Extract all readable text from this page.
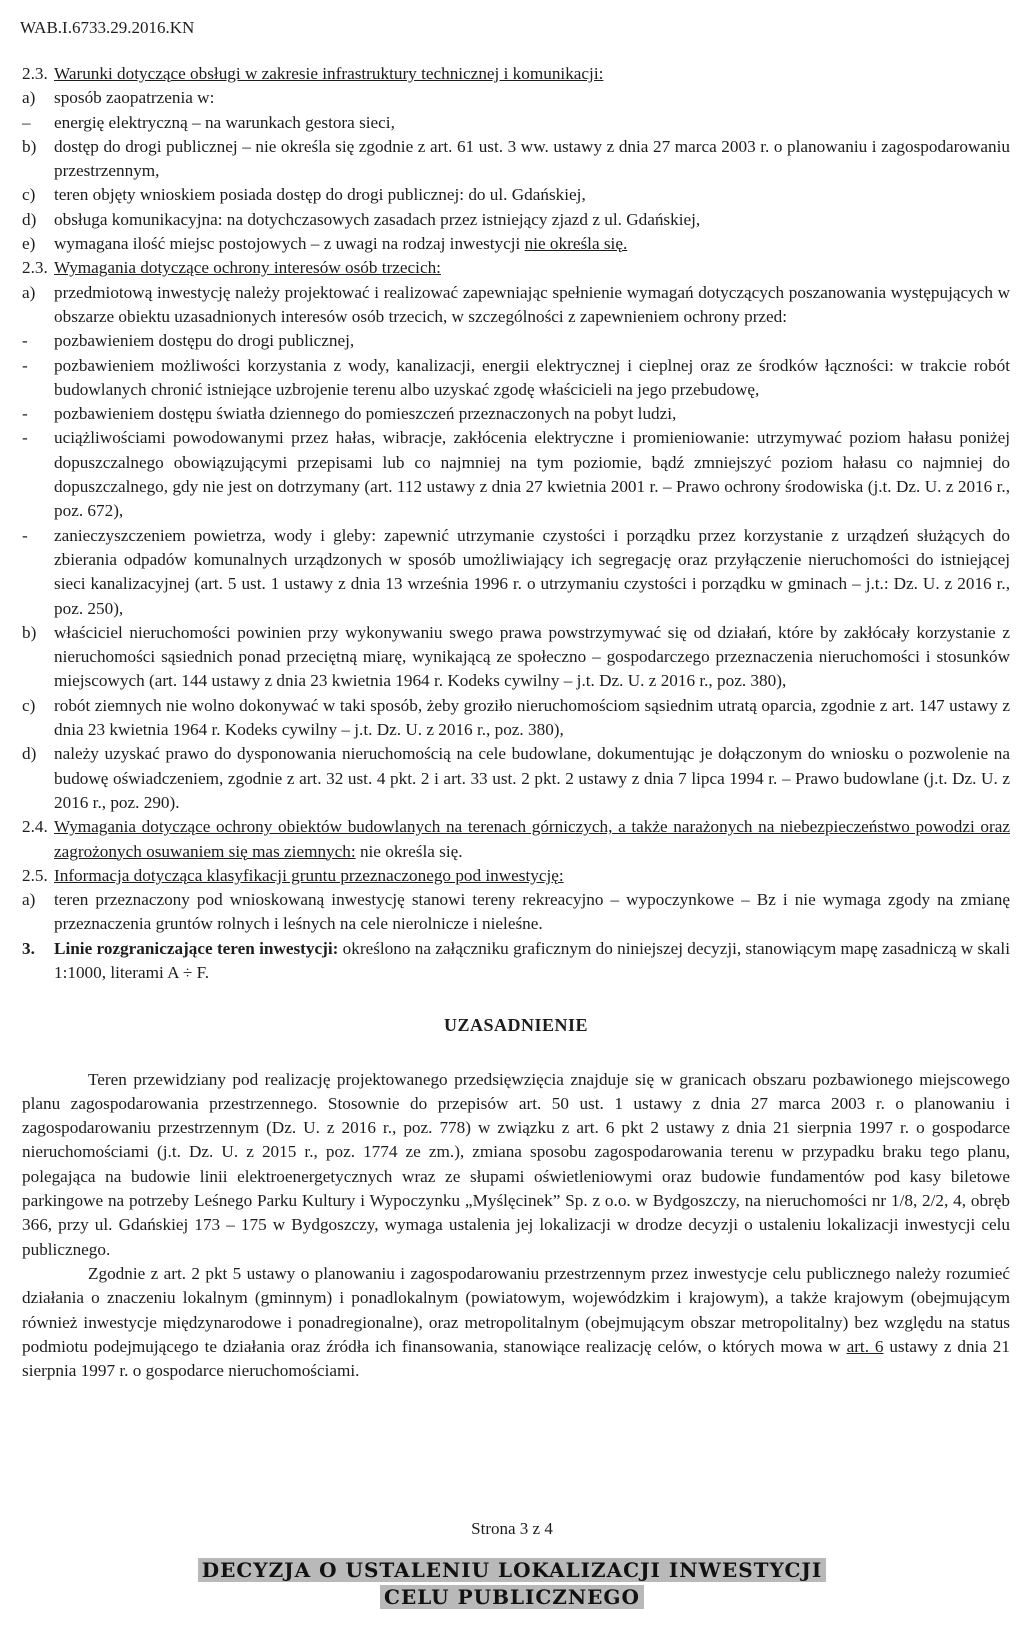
WAB.I.6733.29.2016.KN
2.3. Warunki dotyczące obsługi w zakresie infrastruktury technicznej i komunikacji:
a)	sposób zaopatrzenia w:
–	energię elektryczną – na warunkach gestora sieci,
b)	dostęp do drogi publicznej – nie określa się zgodnie z art. 61 ust. 3 ww. ustawy z dnia 27 marca 2003 r. o planowaniu i zagospodarowaniu przestrzennym,
c)	teren objęty wnioskiem posiada dostęp do drogi publicznej: do ul. Gdańskiej,
d)	obsługa komunikacyjna: na dotychczasowych zasadach przez istniejący zjazd z ul. Gdańskiej,
e)	wymagana ilość miejsc postojowych – z uwagi na rodzaj inwestycji nie określa się.
2.3. Wymagania dotyczące ochrony interesów osób trzecich:
a)	przedmiotową inwestycję należy projektować i realizować zapewniając spełnienie wymagań dotyczących poszanowania występujących w obszarze obiektu uzasadnionych interesów osób trzecich, w szczególności z zapewnieniem ochrony przed:
-	pozbawieniem dostępu do drogi publicznej,
-	pozbawieniem możliwości korzystania z wody, kanalizacji, energii elektrycznej i cieplnej oraz ze środków łączności: w trakcie robót budowlanych chronić istniejące uzbrojenie terenu albo uzyskać zgodę właścicieli na jego przebudowę,
-	pozbawieniem dostępu światła dziennego do pomieszczeń przeznaczonych na pobyt ludzi,
-	uciążliwościami powodowanymi przez hałas, wibracje, zakłócenia elektryczne i promieniowanie: utrzymywać poziom hałasu poniżej dopuszczalnego obowiązującymi przepisami lub co najmniej na tym poziomie, bądź zmniejszyć poziom hałasu co najmniej do dopuszczalnego, gdy nie jest on dotrzymany (art. 112 ustawy z dnia 27 kwietnia 2001 r. – Prawo ochrony środowiska (j.t. Dz. U. z 2016 r., poz. 672),
-	zanieczyszczeniem powietrza, wody i gleby: zapewnić utrzymanie czystości i porządku przez korzystanie z urządzeń służących do zbierania odpadów komunalnych urządzonych w sposób umożliwiający ich segregację oraz przyłączenie nieruchomości do istniejącej sieci kanalizacyjnej (art. 5 ust. 1 ustawy z dnia 13 września 1996 r. o utrzymaniu czystości i porządku w gminach – j.t.: Dz. U. z 2016 r., poz. 250),
b)	właściciel nieruchomości powinien przy wykonywaniu swego prawa powstrzymywać się od działań, które by zakłócały korzystanie z nieruchomości sąsiednich ponad przeciętną miarę, wynikającą ze społeczno – gospodarczego przeznaczenia nieruchomości i stosunków miejscowych (art. 144 ustawy z dnia 23 kwietnia 1964 r. Kodeks cywilny – j.t. Dz. U. z 2016 r., poz. 380),
c)	robót ziemnych nie wolno dokonywać w taki sposób, żeby groziło nieruchomościom sąsiednim utratą oparcia, zgodnie z art. 147 ustawy z dnia 23 kwietnia 1964 r. Kodeks cywilny – j.t. Dz. U. z 2016 r., poz. 380),
d)	należy uzyskać prawo do dysponowania nieruchomością na cele budowlane, dokumentując je dołączonym do wniosku o pozwolenie na budowę oświadczeniem, zgodnie z art. 32 ust. 4 pkt. 2 i art. 33 ust. 2 pkt. 2 ustawy z dnia 7 lipca 1994 r. – Prawo budowlane (j.t. Dz. U. z 2016 r., poz. 290).
2.4. Wymagania dotyczące ochrony obiektów budowlanych na terenach górniczych, a także narażonych na niebezpieczeństwo powodzi oraz zagrożonych osuwaniem się mas ziemnych: nie określa się.
2.5. Informacja dotycząca klasyfikacji gruntu przeznaczonego pod inwestycję:
a)	teren przeznaczony pod wnioskowaną inwestycję stanowi tereny rekreacyjno – wypoczynkowe – Bz i nie wymaga zgody na zmianę przeznaczenia gruntów rolnych i leśnych na cele nierolnicze i nieleśne.
3.	Linie rozgraniczające teren inwestycji: określono na załączniku graficznym do niniejszej decyzji, stanowiącym mapę zasadniczą w skali 1:1000, literami A ÷ F.
UZASADNIENIE

Teren przewidziany pod realizację projektowanego przedsięwzięcia znajduje się w granicach obszaru pozbawionego miejscowego planu zagospodarowania przestrzennego. Stosownie do przepisów art. 50 ust. 1 ustawy z dnia 27 marca 2003 r. o planowaniu i zagospodarowaniu przestrzennym (Dz. U. z 2016 r., poz. 778) w związku z art. 6 pkt 2 ustawy z dnia 21 sierpnia 1997 r. o gospodarce nieruchomościami (j.t. Dz. U. z 2015 r., poz. 1774 ze zm.), zmiana sposobu zagospodarowania terenu w przypadku braku tego planu, polegająca na budowie linii elektroenergetycznych wraz ze słupami oświetleniowymi oraz budowie fundamentów pod kasy biletowe parkingowe na potrzeby Leśnego Parku Kultury i Wypoczynku „Myślęcinek” Sp. z o.o. w Bydgoszczy, na nieruchomości nr 1/8, 2/2, 4, obręb 366, przy ul. Gdańskiej 173 – 175 w Bydgoszczy, wymaga ustalenia jej lokalizacji w drodze decyzji o ustaleniu lokalizacji inwestycji celu publicznego.

Zgodnie z art. 2 pkt 5 ustawy o planowaniu i zagospodarowaniu przestrzennym przez inwestycje celu publicznego należy rozumieć działania o znaczeniu lokalnym (gminnym) i ponadlokalnym (powiatowym, wojewódzkim i krajowym), a także krajowym (obejmującym również inwestycje międzynarodowe i ponadregionalne), oraz metropolitalnym (obejmującym obszar metropolitalny) bez względu na status podmiotu podejmującego te działania oraz źródła ich finansowania, stanowiące realizację celów, o których mowa w art. 6 ustawy z dnia 21 sierpnia 1997 r. o gospodarce nieruchomościami.

Strona 3 z 4
DECYZJA O USTALENIU LOKALIZACJI INWESTYCJI
CELU PUBLICZNEGO
